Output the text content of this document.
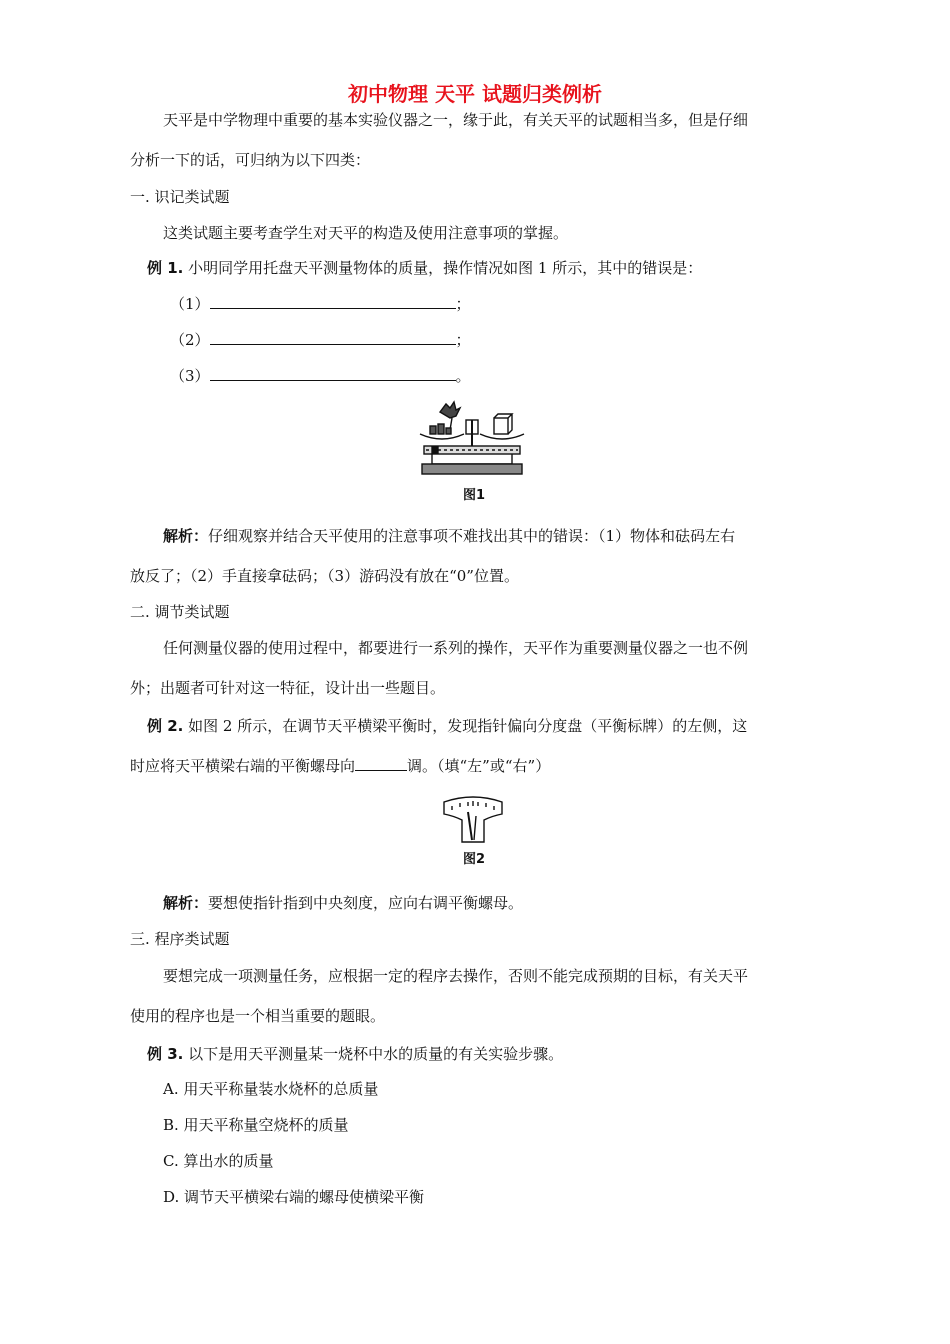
初中物理 天平 试题归类例析
天平是中学物理中重要的基本实验仪器之一，缘于此，有关天平的试题相当多，但是仔细
分析一下的话，可归纳为以下四类：
一. 识记类试题
这类试题主要考查学生对天平的构造及使用注意事项的掌握。
例 1. 小明同学用托盘天平测量物体的质量，操作情况如图 1 所示，其中的错误是：
（1）	；
（2）	；
（3）	。
图1
解析：仔细观察并结合天平使用的注意事项不难找出其中的错误：（1）物体和砝码左右
放反了；（2）手直接拿砝码；（3）游码没有放在“0”位置。
二. 调节类试题
任何测量仪器的使用过程中，都要进行一系列的操作，天平作为重要测量仪器之一也不例
外；出题者可针对这一特征，设计出一些题目。
例 2. 如图 2 所示，在调节天平横梁平衡时，发现指针偏向分度盘（平衡标牌）的左侧，这
时应将天平横梁右端的平衡螺母向	调。（填“左”或“右”）
图2
解析：要想使指针指到中央刻度，应向右调平衡螺母。
三. 程序类试题
要想完成一项测量任务，应根据一定的程序去操作，否则不能完成预期的目标，有关天平
使用的程序也是一个相当重要的题眼。
例 3. 以下是用天平测量某一烧杯中水的质量的有关实验步骤。
A. 用天平称量装水烧杯的总质量
B. 用天平称量空烧杯的质量
C. 算出水的质量
D. 调节天平横梁右端的螺母使横梁平衡
